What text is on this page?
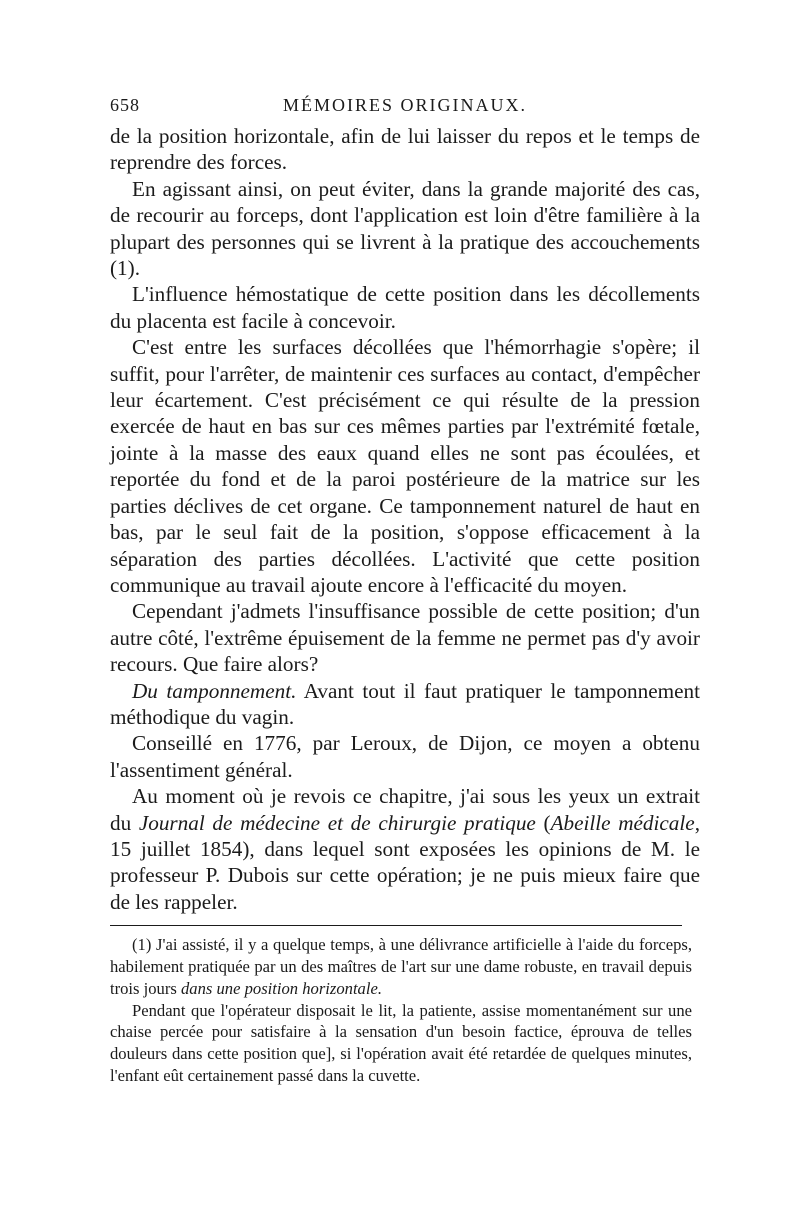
658	MÉMOIRES ORIGINAUX.

de la position horizontale, afin de lui laisser du repos et le temps de reprendre des forces.

En agissant ainsi, on peut éviter, dans la grande majorité des cas, de recourir au forceps, dont l'application est loin d'être familière à la plupart des personnes qui se livrent à la pratique des accouchements (1).

L'influence hémostatique de cette position dans les décollements du placenta est facile à concevoir.

C'est entre les surfaces décollées que l'hémorrhagie s'opère; il suffit, pour l'arrêter, de maintenir ces surfaces au contact, d'empêcher leur écartement. C'est précisément ce qui résulte de la pression exercée de haut en bas sur ces mêmes parties par l'extrémité fœtale, jointe à la masse des eaux quand elles ne sont pas écoulées, et reportée du fond et de la paroi postérieure de la matrice sur les parties déclives de cet organe. Ce tamponnement naturel de haut en bas, par le seul fait de la position, s'oppose efficacement à la séparation des parties décollées. L'activité que cette position communique au travail ajoute encore à l'efficacité du moyen.

Cependant j'admets l'insuffisance possible de cette position; d'un autre côté, l'extrême épuisement de la femme ne permet pas d'y avoir recours. Que faire alors?

Du tamponnement. Avant tout il faut pratiquer le tamponnement méthodique du vagin.

Conseillé en 1776, par Leroux, de Dijon, ce moyen a obtenu l'assentiment général.

Au moment où je revois ce chapitre, j'ai sous les yeux un extrait du Journal de médecine et de chirurgie pratique (Abeille médicale, 15 juillet 1854), dans lequel sont exposées les opinions de M. le professeur P. Dubois sur cette opération; je ne puis mieux faire que de les rappeler.

(1) J'ai assisté, il y a quelque temps, à une délivrance artificielle à l'aide du forceps, habilement pratiquée par un des maîtres de l'art sur une dame robuste, en travail depuis trois jours dans une position horizontale.

Pendant que l'opérateur disposait le lit, la patiente, assise momentanément sur une chaise percée pour satisfaire à la sensation d'un besoin factice, éprouva de telles douleurs dans cette position que], si l'opération avait été retardée de quelques minutes, l'enfant eût certainement passé dans la cuvette.
